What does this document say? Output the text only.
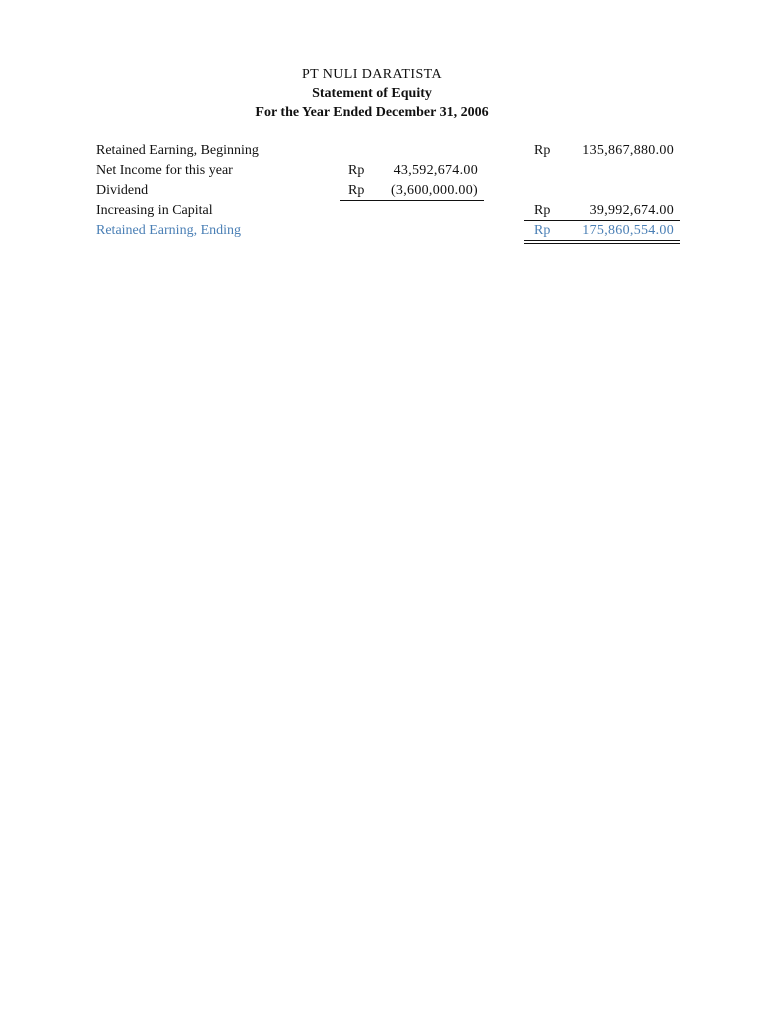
PT NULI DARATISTA
Statement of Equity
For the Year Ended December 31, 2006
Retained Earning, Beginning	Rp	135,867,880.00
Net Income for this year	Rp	43,592,674.00
Dividend	Rp	(3,600,000.00)
Increasing in Capital	Rp	39,992,674.00
Retained Earning, Ending	Rp	175,860,554.00
